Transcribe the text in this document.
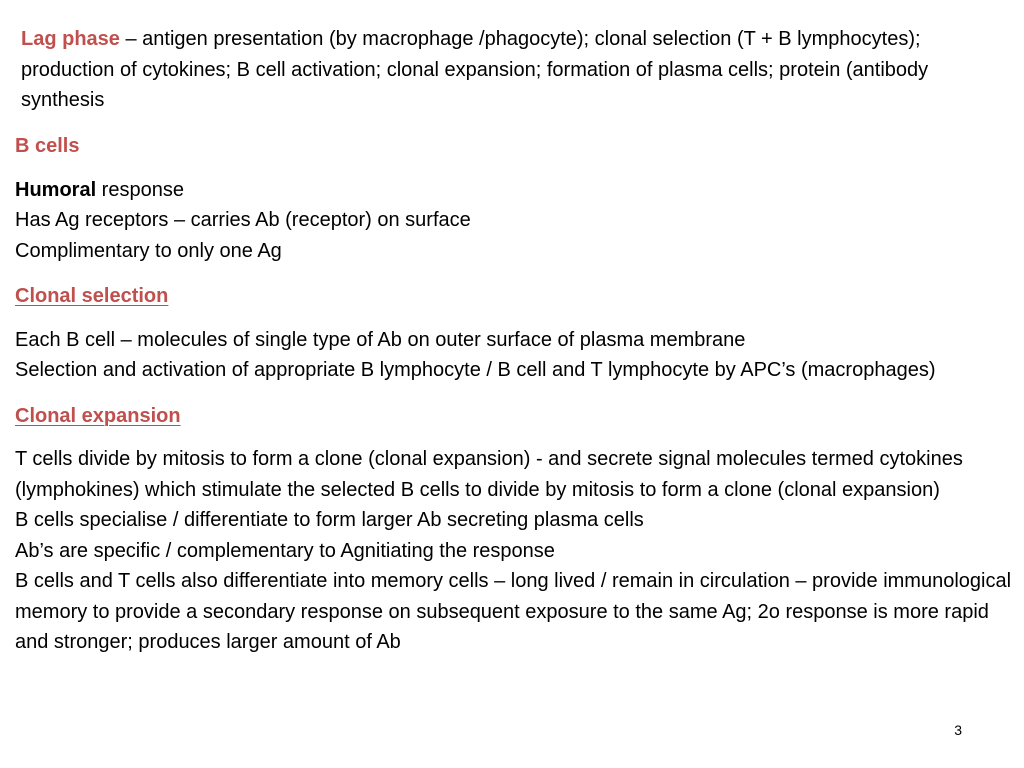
Lag phase – antigen presentation (by macrophage /phagocyte); clonal selection (T + B lymphocytes); production of cytokines; B cell activation; clonal expansion; formation of plasma cells; protein (antibody synthesis

B cells

Humoral response

Has Ag receptors – carries Ab (receptor) on surface

Complimentary to only one Ag

Clonal selection

Each B cell – molecules of single type of Ab on outer surface of plasma membrane

Selection and activation of appropriate B lymphocyte / B cell and T lymphocyte by APC’s (macrophages)

Clonal expansion

T cells divide by mitosis to form a clone (clonal expansion) - and secrete signal molecules termed cytokines (lymphokines) which stimulate the selected B cells to divide by mitosis to form a clone (clonal expansion)

B cells specialise / differentiate to form larger Ab secreting plasma cells

Ab’s are specific / complementary to Agnitiating the response

B cells and T cells also differentiate into memory cells – long lived / remain in circulation – provide immunological memory to provide a secondary response on subsequent exposure to the same Ag; 2o response is more rapid and stronger; produces larger amount of Ab

3
